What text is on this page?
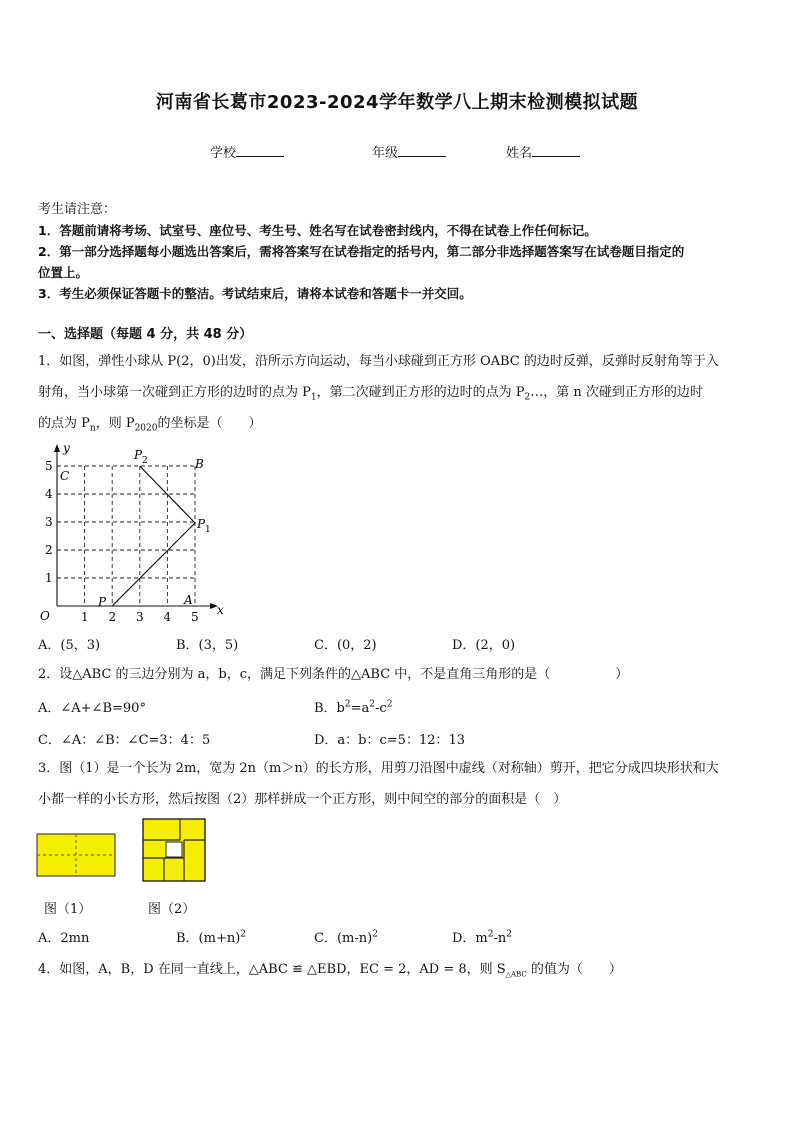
河南省长葛市2023-2024学年数学八上期末检测模拟试题
学校	年级	姓名
考生请注意：
1．答题前请将考场、试室号、座位号、考生号、姓名写在试卷密封线内，不得在试卷上作任何标记。
2．第一部分选择题每小题选出答案后，需将答案写在试卷指定的括号内，第二部分非选择题答案写在试卷题目指定的
位置上。
3．考生必须保证答题卡的整洁。考试结束后，请将本试卷和答题卡一并交回。
一、选择题（每题 4 分，共 48 分）
1．如图，弹性小球从 P(2，0)出发，沿所示方向运动，每当小球碰到正方形 OABC 的边时反弹，反弹时反射角等于入
射角，当小球第一次碰到正方形的边时的点为 $P_1$，第二次碰到正方形的边时的点为 $P_2\dots$，第 n 次碰到正方形的边时
的点为 $P_n$，则 $P_{2020}$的坐标是（　　）
y
x
O
5
4
3
2
1
1 2 3 4 5
C
B
A
P
P 1
P 2
A．(5，3)	B．(3，5)	C．(0，2)	D．(2，0)
2．设△ABC 的三边分别为 a，b，c，满足下列条件的△ABC 中，不是直角三角形的是（　　　　　）
A．∠A+∠B=90°	B．$b^2=a^2-c^2$
C．∠A：∠B：∠C=3：4：5	D．a：b：c=5：12：13
3．图（1）是一个长为 2m，宽为 2n（m＞n）的长方形，用剪刀沿图中虚线（对称轴）剪开，把它分成四块形状和大
小都一样的小长方形，然后按图（2）那样拼成一个正方形，则中间空的部分的面积是（　）
图（1）	图（2）
A．2mn	B．$(m+n)^2$	C．$(m-n)^2$	D．$m^2-n^2$
4．如图，A，B，D 在同一直线上，△ABC ≌ △EBD，EC = 2，AD = 8，则 $S_{\triangle ABC}$ 的值为（　　）
